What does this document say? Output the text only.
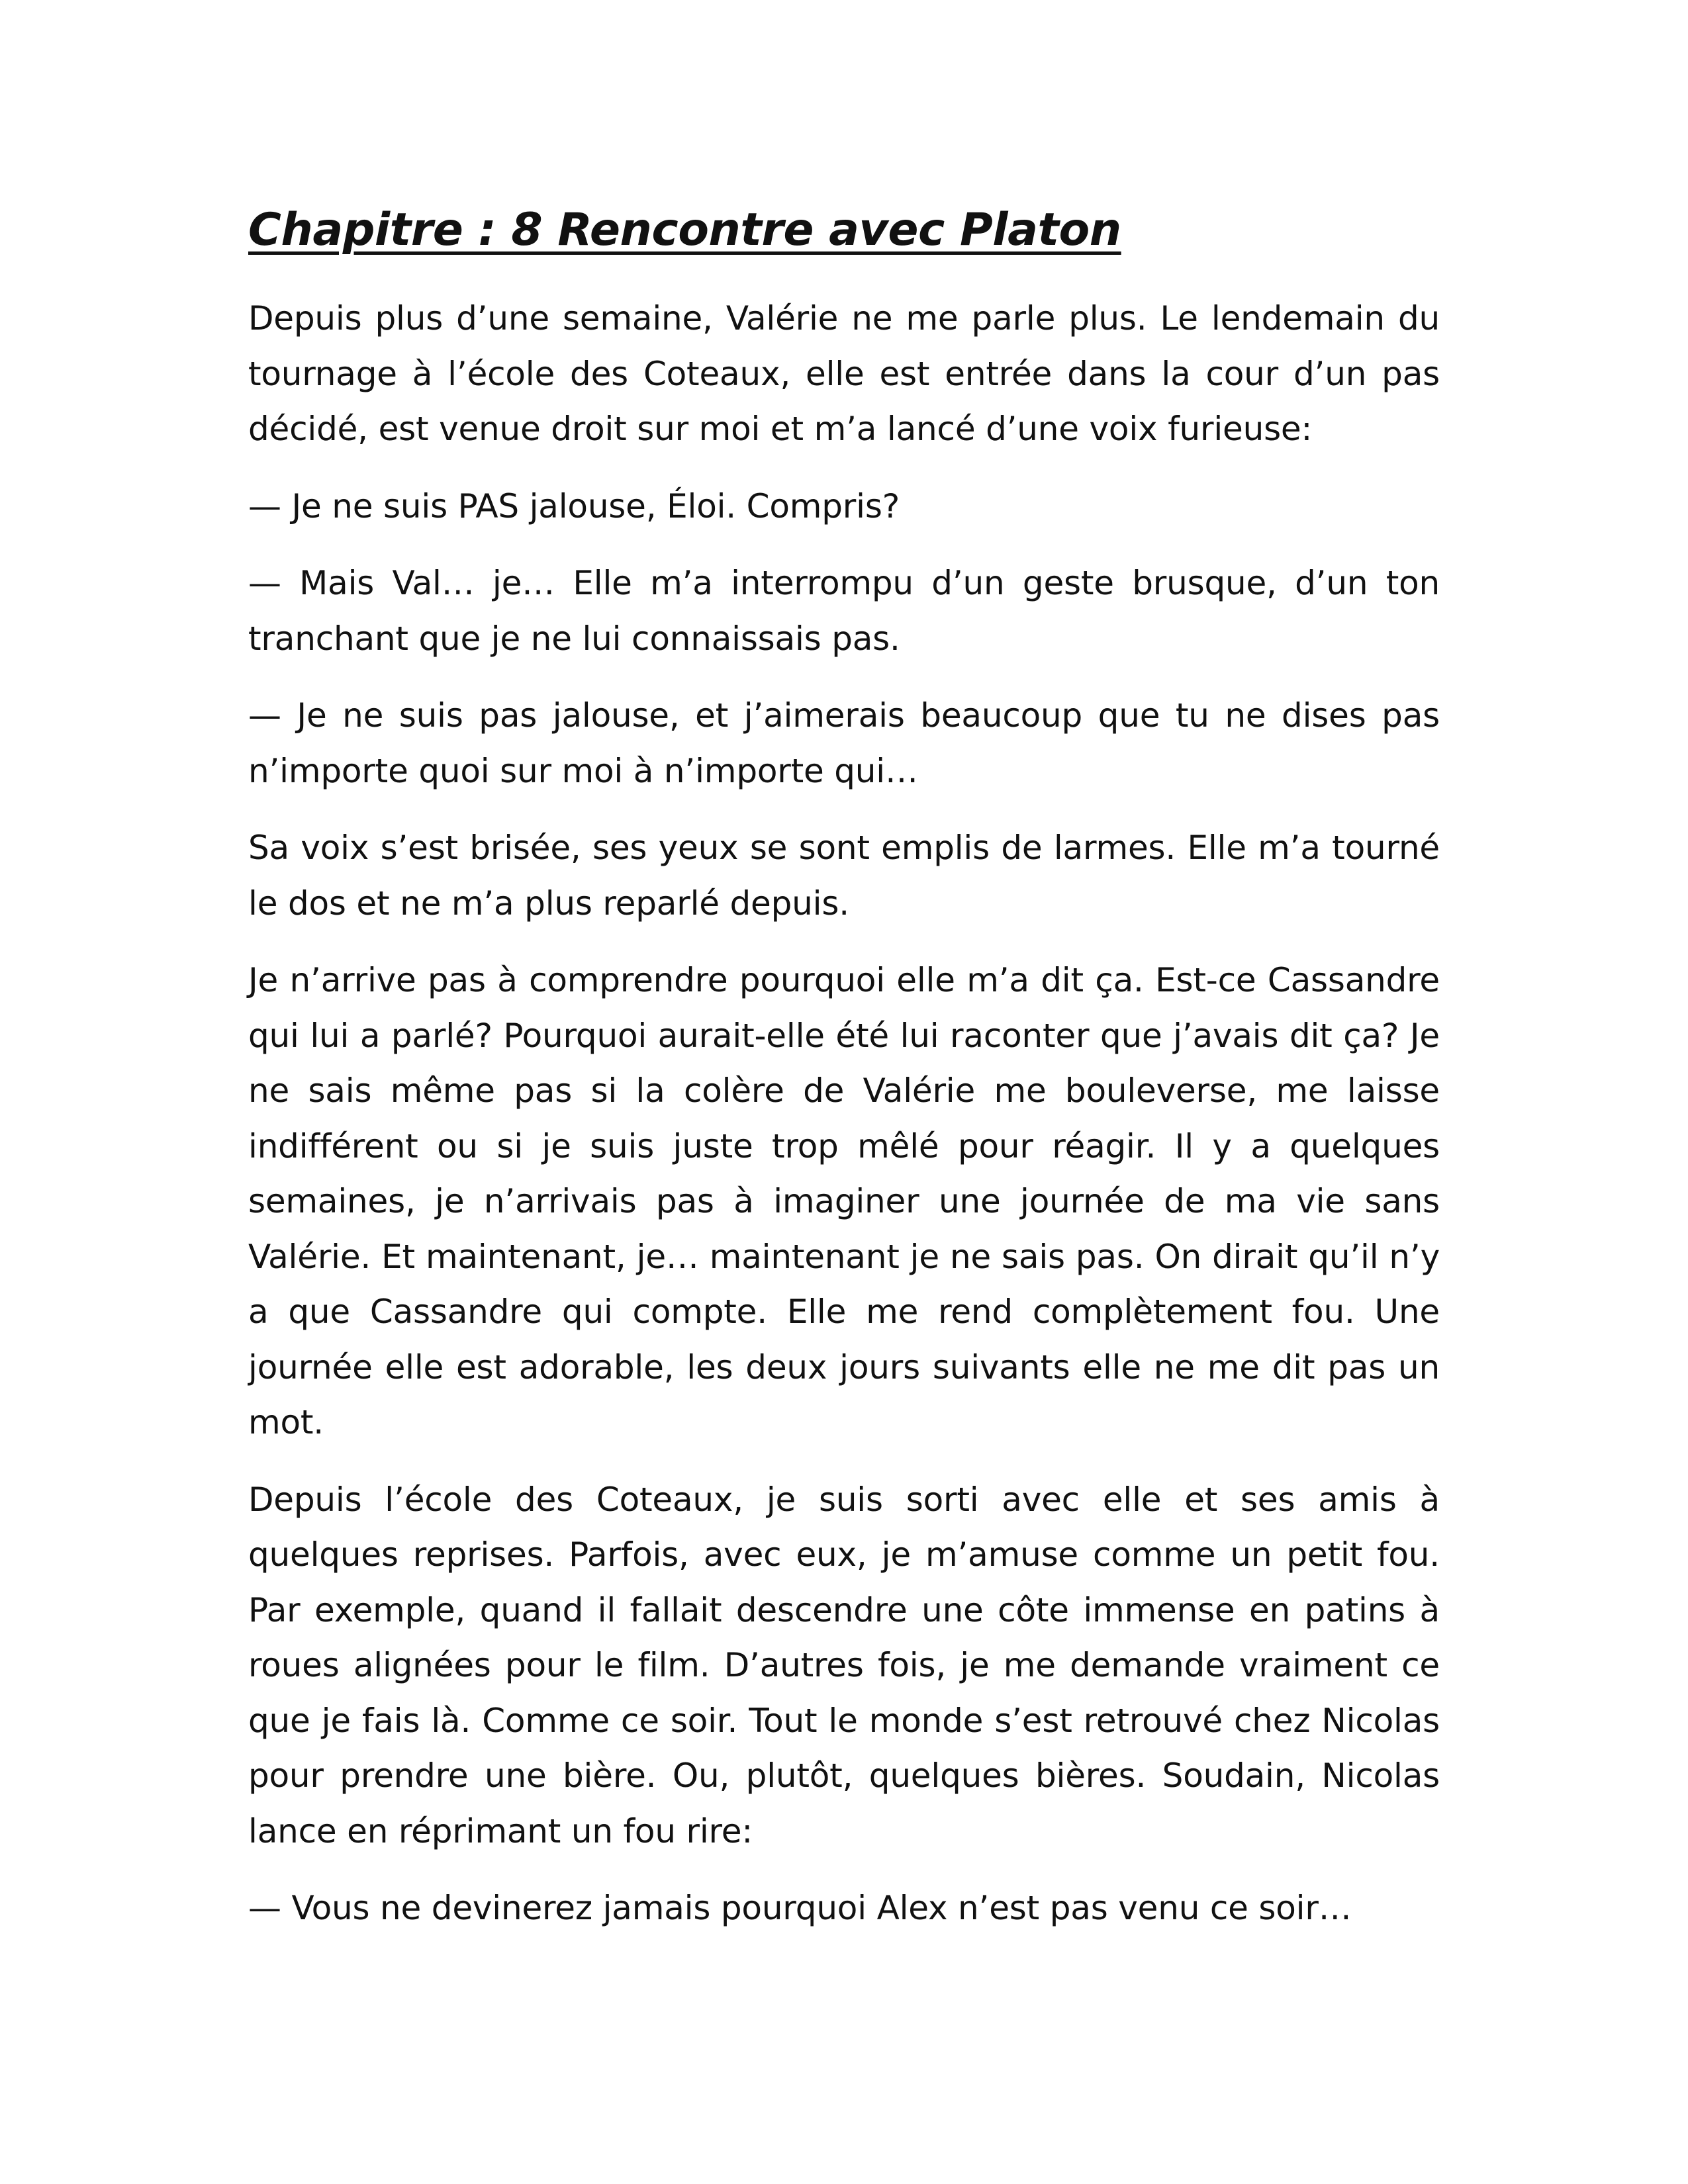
Chapitre : 8 Rencontre avec Platon

Depuis plus d’une semaine, Valérie ne me parle plus. Le lendemain du tournage à l’école des Coteaux, elle est entrée dans la cour d’un pas décidé, est venue droit sur moi et m’a lancé d’une voix furieuse:

— Je ne suis PAS jalouse, Éloi. Compris?

— Mais Val… je… Elle m’a interrompu d’un geste brusque, d’un ton tranchant que je ne lui connaissais pas.

— Je ne suis pas jalouse, et j’aimerais beaucoup que tu ne dises pas n’importe quoi sur moi à n’importe qui…

Sa voix s’est brisée, ses yeux se sont emplis de larmes. Elle m’a tourné le dos et ne m’a plus reparlé depuis.

Je n’arrive pas à comprendre pourquoi elle m’a dit ça. Est-ce Cassandre qui lui a parlé? Pourquoi aurait-elle été lui raconter que j’avais dit ça? Je ne sais même pas si la colère de Valérie me bouleverse, me laisse indifférent ou si je suis juste trop mêlé pour réagir. Il y a quelques semaines, je n’arrivais pas à imaginer une journée de ma vie sans Valérie. Et maintenant, je… maintenant je ne sais pas. On dirait qu’il n’y a que Cassandre qui compte. Elle me rend complètement fou. Une journée elle est adorable, les deux jours suivants elle ne me dit pas un mot.

Depuis l’école des Coteaux, je suis sorti avec elle et ses amis à quelques reprises. Parfois, avec eux, je m’amuse comme un petit fou. Par exemple, quand il fallait descendre une côte immense en patins à roues alignées pour le film. D’autres fois, je me demande vraiment ce que je fais là. Comme ce soir. Tout le monde s’est retrouvé chez Nicolas pour prendre une bière. Ou, plutôt, quelques bières. Soudain, Nicolas lance en réprimant un fou rire:

— Vous ne devinerez jamais pourquoi Alex n’est pas venu ce soir…
